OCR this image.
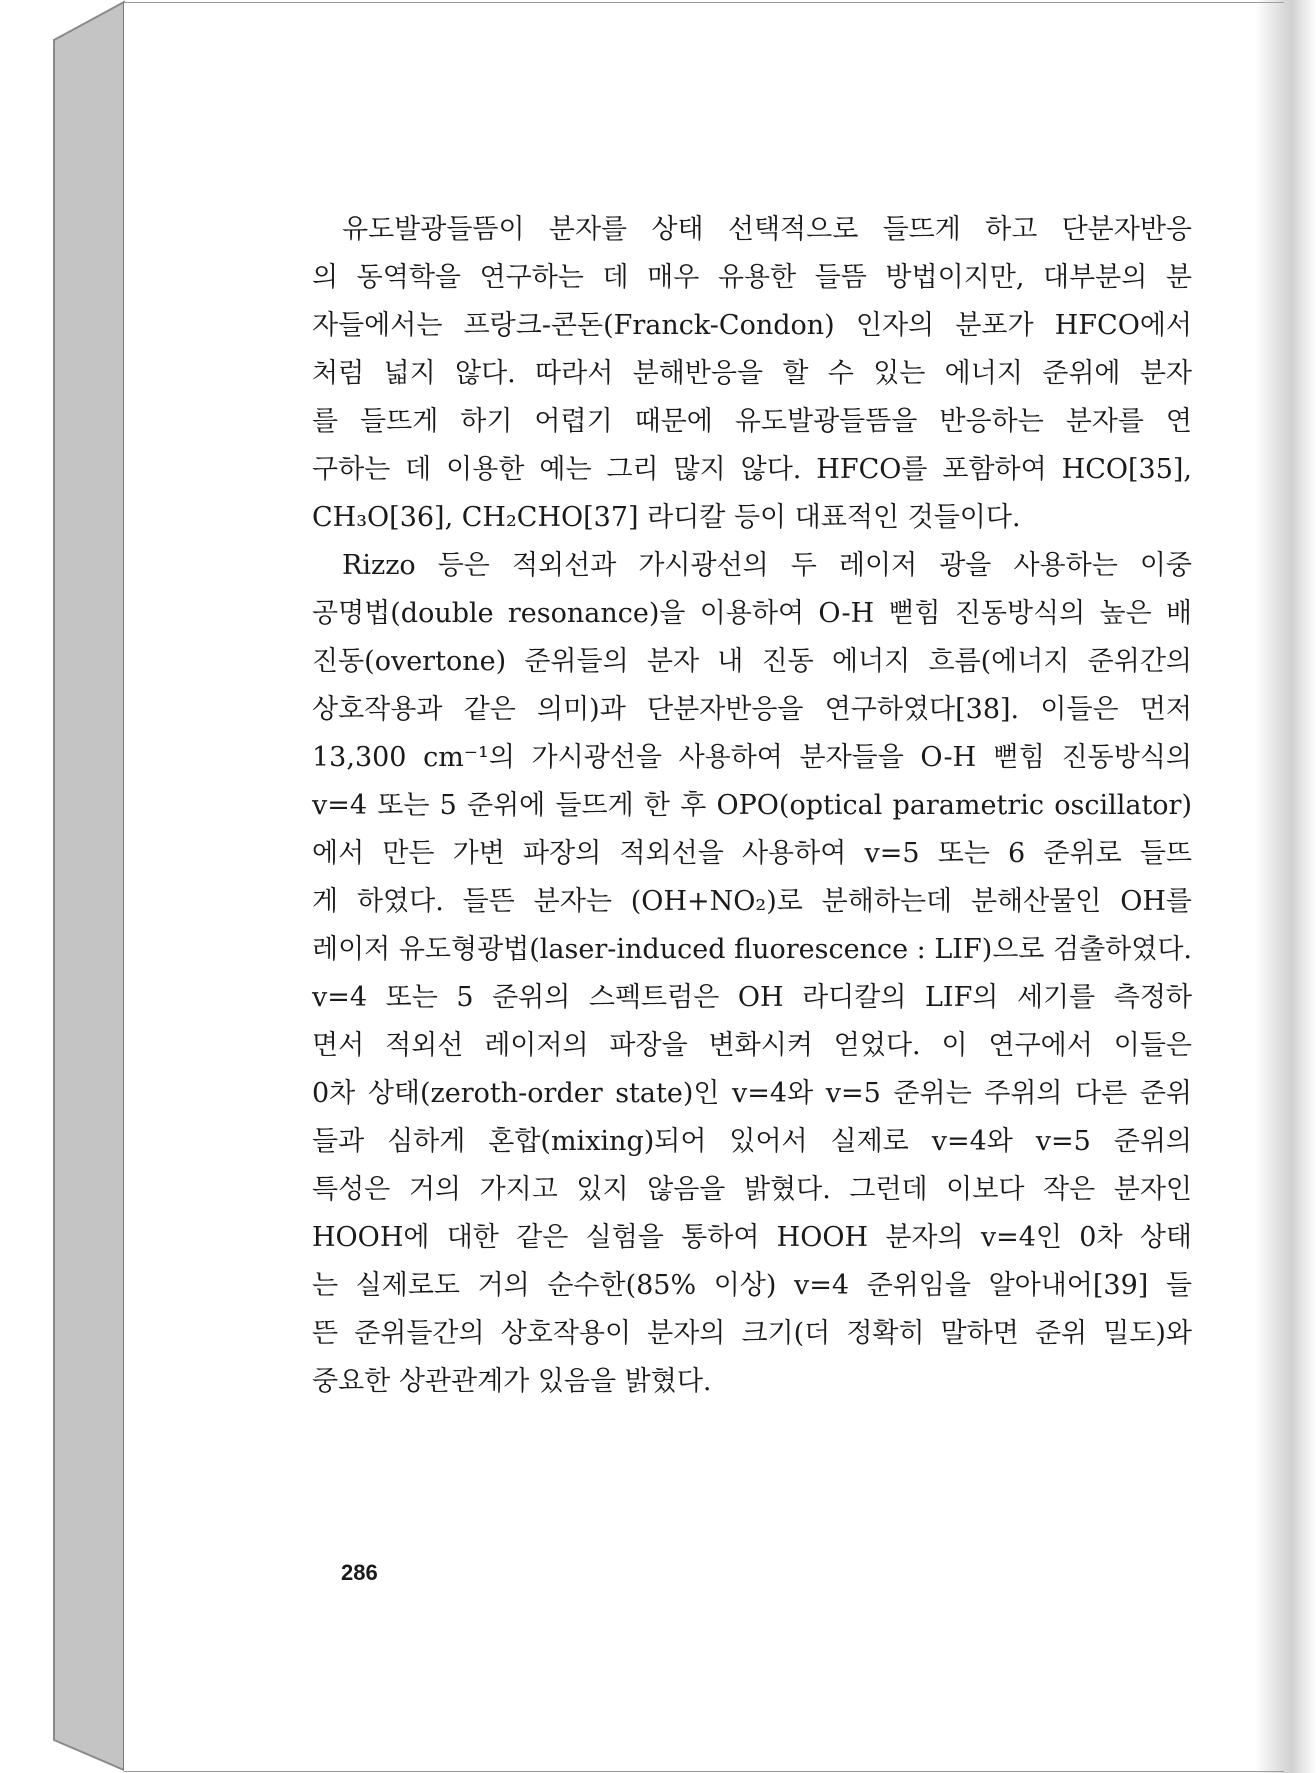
유도발광들뜸이 분자를 상태 선택적으로 들뜨게 하고 단분자반응
의 동역학을 연구하는 데 매우 유용한 들뜸 방법이지만, 대부분의 분
자들에서는 프랑크-콘돈(Franck-Condon) 인자의 분포가 HFCO에서
처럼 넓지 않다. 따라서 분해반응을 할 수 있는 에너지 준위에 분자
를 들뜨게 하기 어렵기 때문에 유도발광들뜸을 반응하는 분자를 연
구하는 데 이용한 예는 그리 많지 않다. HFCO를 포함하여 HCO[35],
CH₃O[36], CH₂CHO[37] 라디칼 등이 대표적인 것들이다.

Rizzo 등은 적외선과 가시광선의 두 레이저 광을 사용하는 이중
공명법(double resonance)을 이용하여 O-H 뻗힘 진동방식의 높은 배
진동(overtone) 준위들의 분자 내 진동 에너지 흐름(에너지 준위간의
상호작용과 같은 의미)과 단분자반응을 연구하였다[38]. 이들은 먼저
13,300 cm⁻¹의 가시광선을 사용하여 분자들을 O-H 뻗힘 진동방식의
v=4 또는 5 준위에 들뜨게 한 후 OPO(optical parametric oscillator)
에서 만든 가변 파장의 적외선을 사용하여 v=5 또는 6 준위로 들뜨
게 하였다. 들뜬 분자는 (OH+NO₂)로 분해하는데 분해산물인 OH를
레이저 유도형광법(laser-induced fluorescence : LIF)으로 검출하였다.
v=4 또는 5 준위의 스펙트럼은 OH 라디칼의 LIF의 세기를 측정하
면서 적외선 레이저의 파장을 변화시켜 얻었다. 이 연구에서 이들은
0차 상태(zeroth-order state)인 v=4와 v=5 준위는 주위의 다른 준위
들과 심하게 혼합(mixing)되어 있어서 실제로 v=4와 v=5 준위의
특성은 거의 가지고 있지 않음을 밝혔다. 그런데 이보다 작은 분자인
HOOH에 대한 같은 실험을 통하여 HOOH 분자의 v=4인 0차 상태
는 실제로도 거의 순수한(85% 이상) v=4 준위임을 알아내어[39] 들
뜬 준위들간의 상호작용이 분자의 크기(더 정확히 말하면 준위 밀도)와
중요한 상관관계가 있음을 밝혔다.

286
